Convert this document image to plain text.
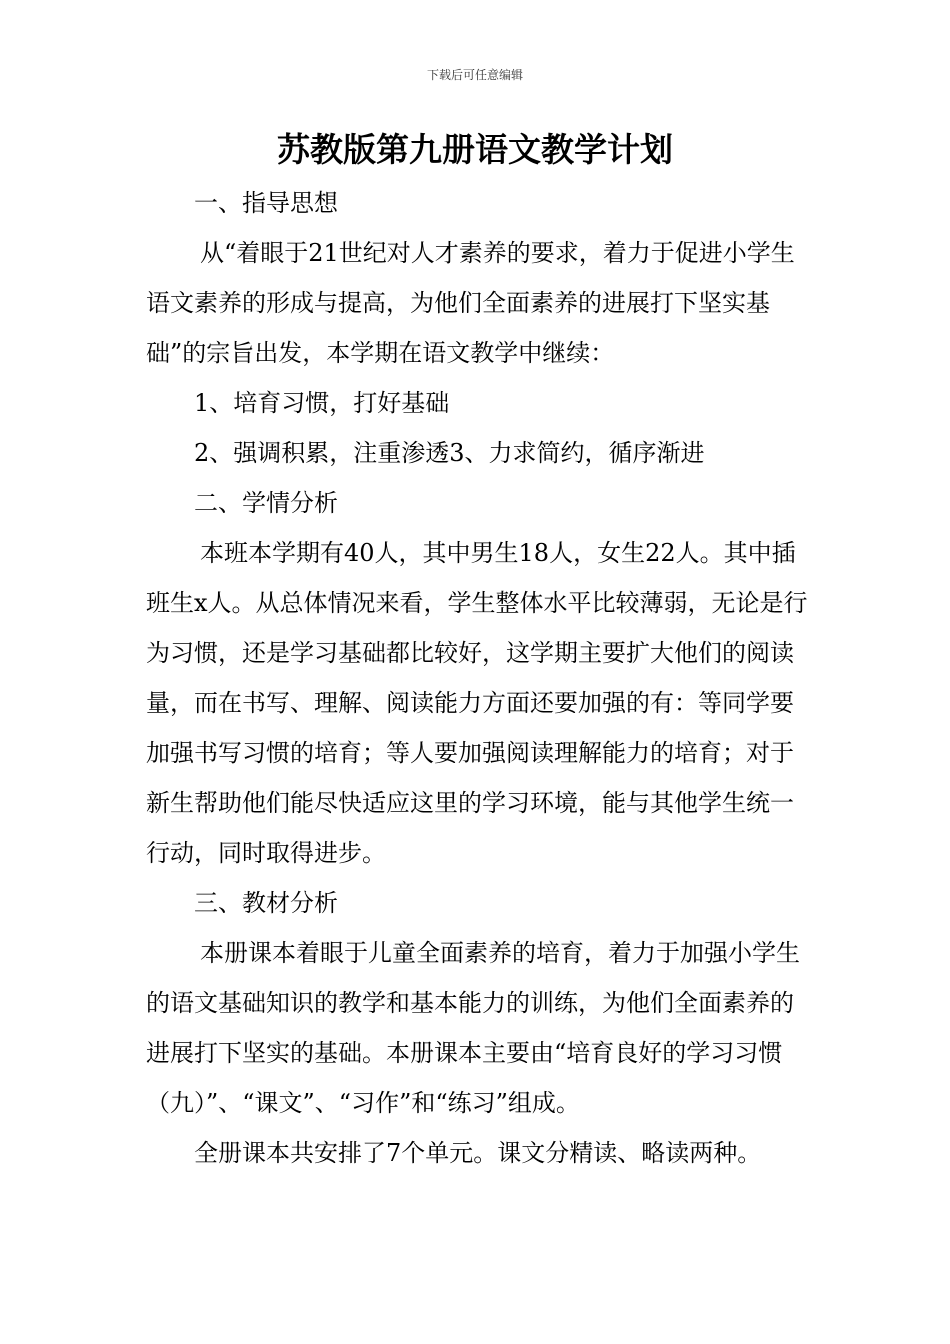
下载后可任意编辑
苏教版第九册语文教学计划

一、指导思想

从“着眼于21世纪对人才素养的要求，着力于促进小学生语文素养的形成与提高，为他们全面素养的进展打下坚实基础”的宗旨出发，本学期在语文教学中继续：

1、培育习惯，打好基础

2、强调积累，注重渗透3、力求简约，循序渐进

二、学情分析

本班本学期有40人，其中男生18人，女生22人。其中插班生x人。从总体情况来看，学生整体水平比较薄弱，无论是行为习惯，还是学习基础都比较好，这学期主要扩大他们的阅读量，而在书写、理解、阅读能力方面还要加强的有：等同学要加强书写习惯的培育；等人要加强阅读理解能力的培育；对于新生帮助他们能尽快适应这里的学习环境，能与其他学生统一行动，同时取得进步。

三、教材分析

本册课本着眼于儿童全面素养的培育，着力于加强小学生的语文基础知识的教学和基本能力的训练，为他们全面素养的进展打下坚实的基础。本册课本主要由“培育良好的学习习惯（九）”、“课文”、“习作”和“练习”组成。

全册课本共安排了7个单元。课文分精读、略读两种。
